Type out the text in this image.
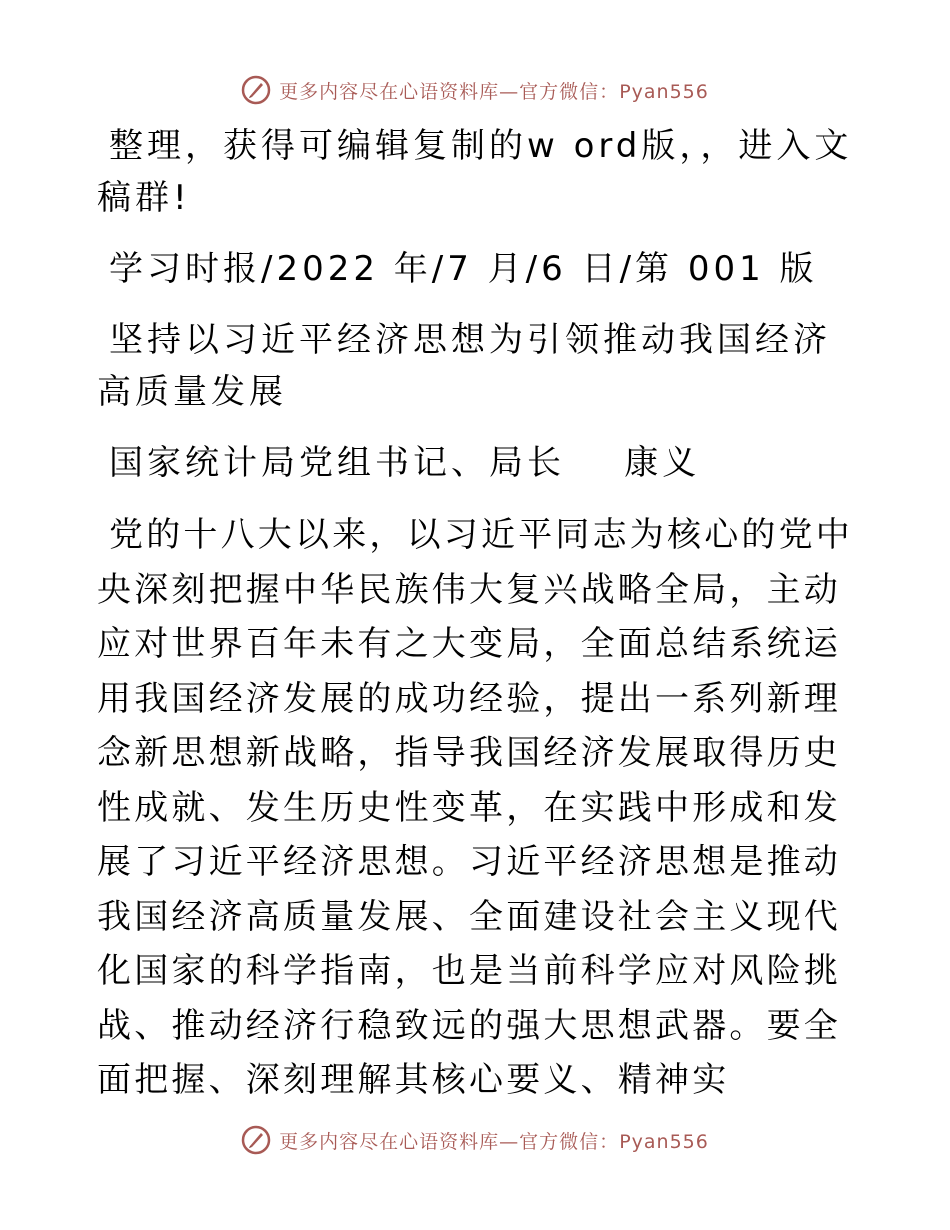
更多内容尽在心语资料库—官方微信：Pyan556

整理，获得可编辑复制的w ord版，，进入文稿群!

学习时报/2022 年/7 月/6 日/第 001 版

坚持以习近平经济思想为引领推动我国经济高质量发展

国家统计局党组书记、局长    康义

党的十八大以来，以习近平同志为核心的党中央深刻把握中华民族伟大复兴战略全局，主动应对世界百年未有之大变局，全面总结系统运用我国经济发展的成功经验，提出一系列新理念新思想新战略，指导我国经济发展取得历史性成就、发生历史性变革，在实践中形成和发展了习近平经济思想。习近平经济思想是推动我国经济高质量发展、全面建设社会主义现代化国家的科学指南，也是当前科学应对风险挑战、推动经济行稳致远的强大思想武器。要全面把握、深刻理解其核心要义、精神实

更多内容尽在心语资料库—官方微信：Pyan556
